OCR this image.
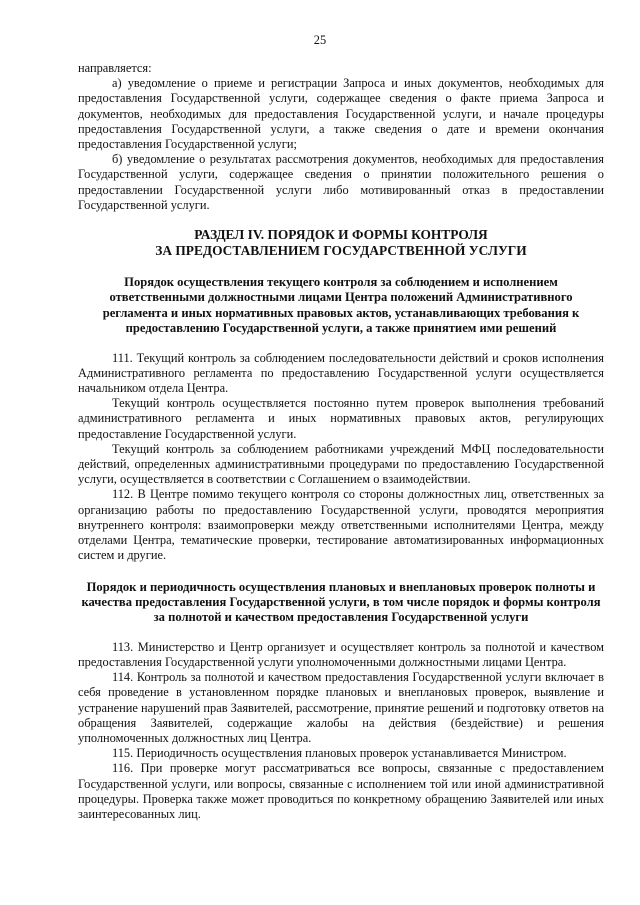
25

направляется:

а) уведомление о приеме и регистрации Запроса и иных документов, необходимых для предоставления Государственной услуги, содержащее сведения о факте приема Запроса и документов, необходимых для предоставления Государственной услуги, и начале процедуры предоставления Государственной услуги, а также сведения о дате и времени окончания предоставления Государственной услуги;

б) уведомление о результатах рассмотрения документов, необходимых для предоставления Государственной услуги, содержащее сведения о принятии положительного решения о предоставлении Государственной услуги либо мотивированный отказ в предоставлении Государственной услуги.

РАЗДЕЛ IV. ПОРЯДОК И ФОРМЫ КОНТРОЛЯ
ЗА ПРЕДОСТАВЛЕНИЕМ ГОСУДАРСТВЕННОЙ УСЛУГИ
Порядок осуществления текущего контроля за соблюдением и исполнением ответственными должностными лицами Центра положений Административного регламента и иных нормативных правовых актов, устанавливающих требования к предоставлению Государственной услуги, а также принятием ими решений

111. Текущий контроль за соблюдением последовательности действий и сроков исполнения Административного регламента по предоставлению Государственной услуги осуществляется начальником отдела Центра.

Текущий контроль осуществляется постоянно путем проверок выполнения требований административного регламента и иных нормативных правовых актов, регулирующих предоставление Государственной услуги.

Текущий контроль за соблюдением работниками учреждений МФЦ последовательности действий, определенных административными процедурами по предоставлению Государственной услуги, осуществляется в соответствии с Соглашением о взаимодействии.

112. В Центре помимо текущего контроля со стороны должностных лиц, ответственных за организацию работы по предоставлению Государственной услуги, проводятся мероприятия внутреннего контроля: взаимопроверки между ответственными исполнителями Центра, между отделами Центра, тематические проверки, тестирование автоматизированных информационных систем и другие.

Порядок и периодичность осуществления плановых и внеплановых проверок полноты и качества предоставления Государственной услуги, в том числе порядок и формы контроля за полнотой и качеством предоставления Государственной услуги

113. Министерство и Центр организует и осуществляет контроль за полнотой и качеством предоставления Государственной услуги уполномоченными должностными лицами Центра.

114. Контроль за полнотой и качеством предоставления Государственной услуги включает в себя проведение в установленном порядке плановых и внеплановых проверок, выявление и устранение нарушений прав Заявителей, рассмотрение, принятие решений и подготовку ответов на обращения Заявителей, содержащие жалобы на действия (бездействие) и решения уполномоченных должностных лиц Центра.

115. Периодичность осуществления плановых проверок устанавливается Министром.

116. При проверке могут рассматриваться все вопросы, связанные с предоставлением Государственной услуги, или вопросы, связанные с исполнением той или иной административной процедуры. Проверка также может проводиться по конкретному обращению Заявителей или иных заинтересованных лиц.
